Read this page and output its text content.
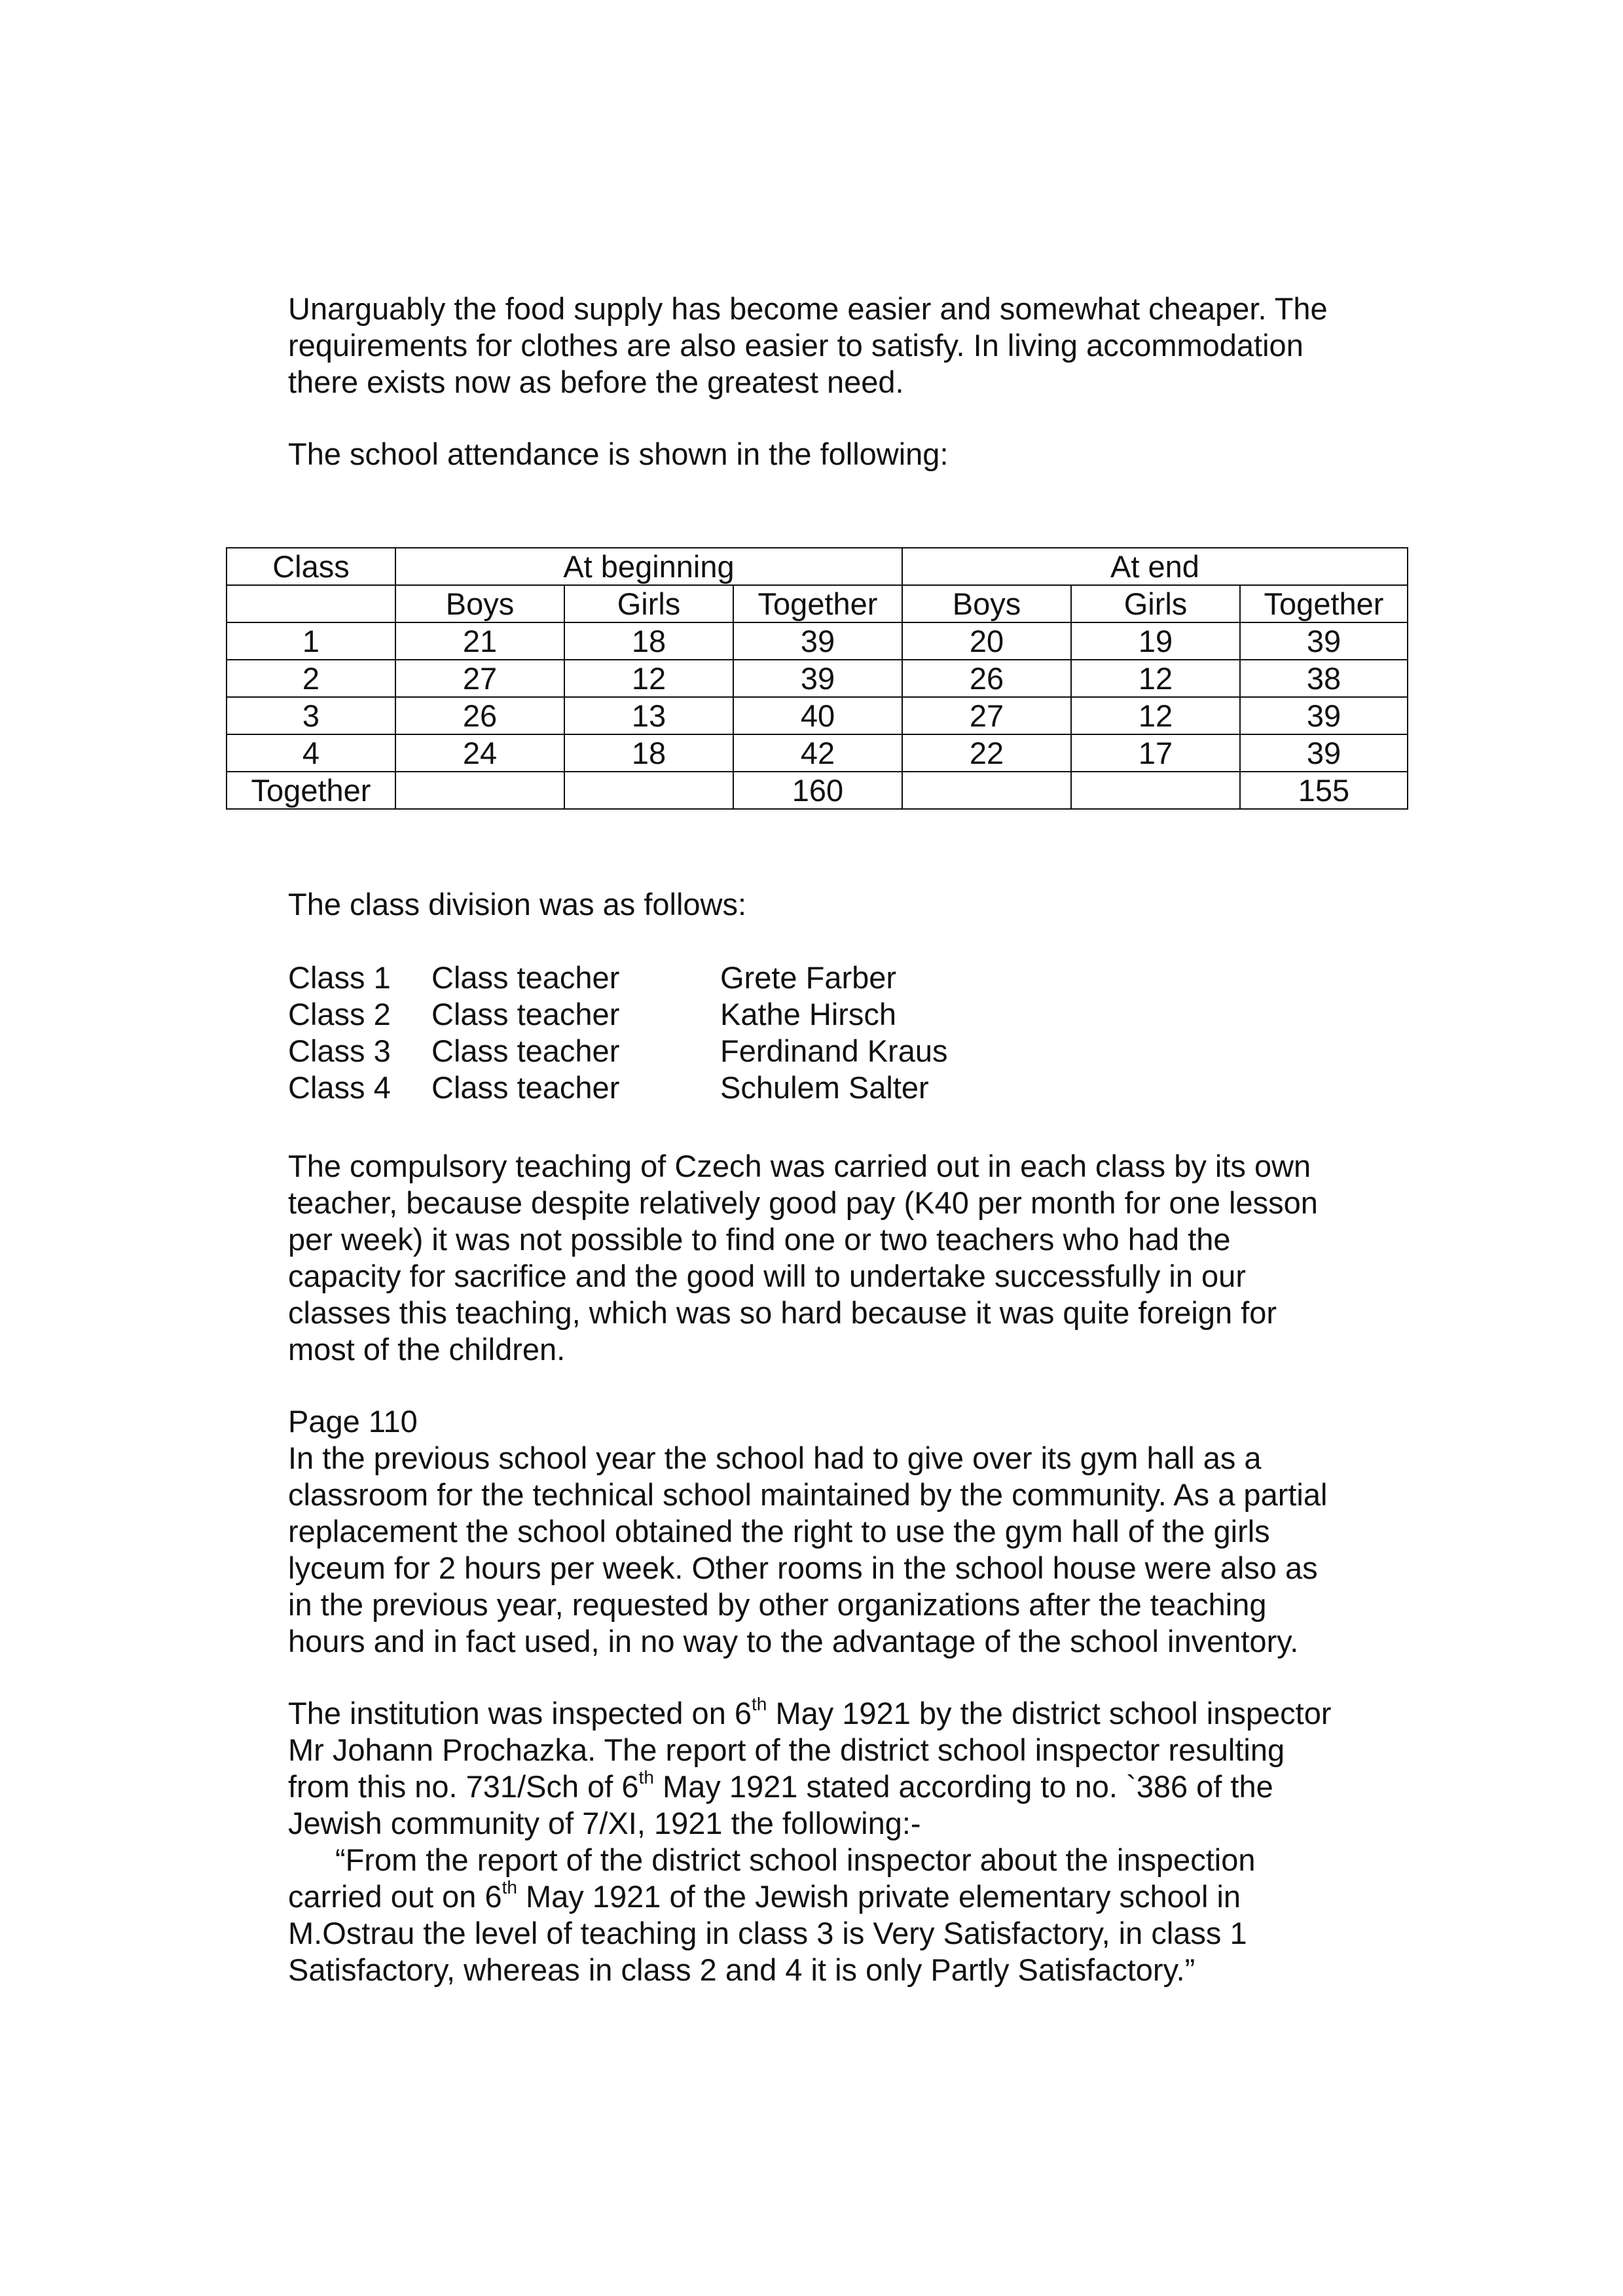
Unarguably the food supply has become easier and somewhat cheaper. The
requirements for clothes are also easier to satisfy. In living accommodation
there exists now as before the greatest need.

The school attendance is shown in the following:

Class	At beginning			At end		
	Boys	Girls	Together	Boys	Girls	Together
1	21	18	39	20	19	39
2	27	12	39	26	12	38
3	26	13	40	27	12	39
4	24	18	42	22	17	39
Together			160			155

The class division was as follows:

Class 1 Class teacher	Grete Farber
Class 2 Class teacher	Kathe Hirsch
Class 3 Class teacher	Ferdinand Kraus
Class 4 Class teacher	Schulem Salter

The compulsory teaching of Czech was carried out in each class by its own
teacher, because despite relatively good pay (K40 per month for one lesson
per week) it was not possible to find one or two teachers who had the
capacity for sacrifice and the good will to undertake successfully in our
classes this teaching, which was so hard because it was quite foreign for
most of the children.

Page 110
In the previous school year the school had to give over its gym hall as a
classroom for the technical school maintained by the community. As a partial
replacement the school obtained the right to use the gym hall of the girls
lyceum for 2 hours per week. Other rooms in the school house were also as
in the previous year, requested by other organizations after the teaching
hours and in fact used, in no way to the advantage of the school inventory.

The institution was inspected on 6th May 1921 by the district school inspector
Mr Johann Prochazka. The report of the district school inspector resulting
from this no. 731/Sch of 6th May 1921 stated according to no. `386 of the
Jewish community of 7/XI, 1921 the following:-
“From the report of the district school inspector about the inspection
carried out on 6th May 1921 of the Jewish private elementary school in
M.Ostrau the level of teaching in class 3 is Very Satisfactory, in class 1
Satisfactory, whereas in class 2 and 4 it is only Partly Satisfactory.”
